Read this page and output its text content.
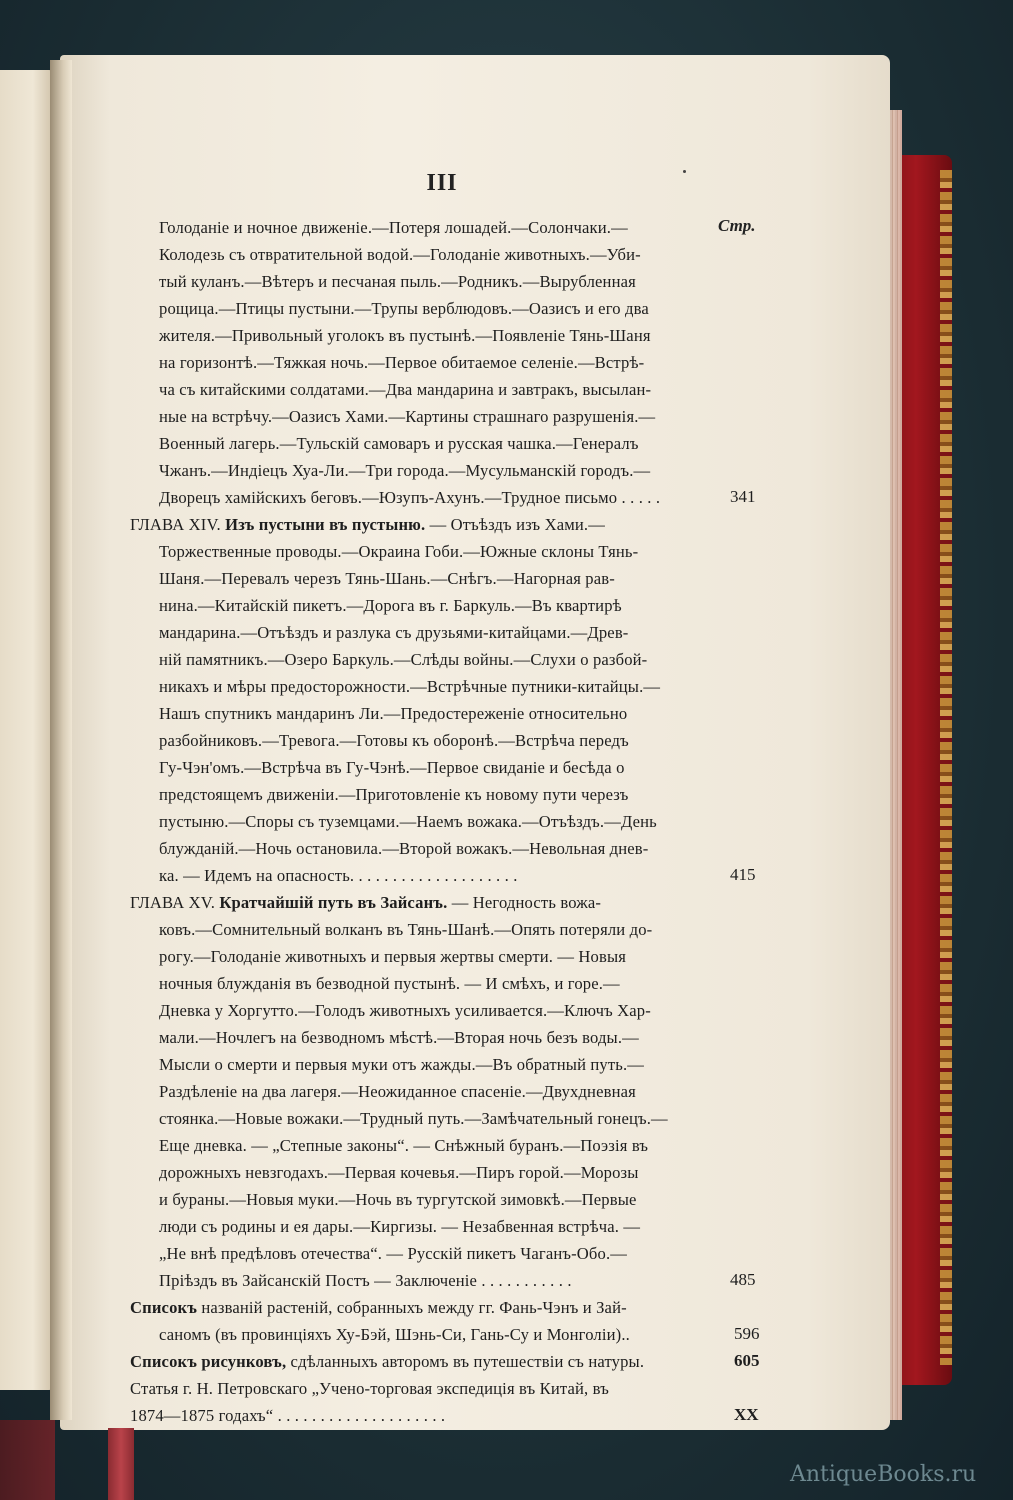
III
Стр.
Голоданіе и ночное движеніе.—Потеря лошадей.—Солончаки.—
Колодезь съ отвратительной водой.—Голоданіе животныхъ.—Уби-
тый куланъ.—Вѣтеръ и песчаная пыль.—Родникъ.—Вырубленная
рощица.—Птицы пустыни.—Трупы верблюдовъ.—Оазисъ и его два
жителя.—Привольный уголокъ въ пустынѣ.—Появленіе Тянь-Шаня
на горизонтѣ.—Тяжкая ночь.—Первое обитаемое селеніе.—Встрѣ-
ча съ китайскими солдатами.—Два мандарина и завтракъ, высылан-
ные на встрѣчу.—Оазисъ Хами.—Картины страшнаго разрушенія.—
Военный лагерь.—Тульскій самоваръ и русская чашка.—Генералъ
Чжанъ.—Индіецъ Хуа-Ли.—Три города.—Мусульманскій городъ.—
Дворецъ хамійскихъ беговъ.—Юзупъ-Ахунъ.—Трудное письмо . . . . .	341
ГЛАВА XIV. Изъ пустыни въ пустыню. — Отъѣздъ изъ Хами.—
Торжественные проводы.—Окраина Гоби.—Южные склоны Тянь-
Шаня.—Перевалъ черезъ Тянь-Шань.—Снѣгъ.—Нагорная рав-
нина.—Китайскій пикетъ.—Дорога въ г. Баркуль.—Въ квартирѣ
мандарина.—Отъѣздъ и разлука съ друзьями-китайцами.—Древ-
ній памятникъ.—Озеро Баркуль.—Слѣды войны.—Слухи о разбой-
никахъ и мѣры предосторожности.—Встрѣчные путники-китайцы.—
Нашъ спутникъ мандаринъ Ли.—Предостереженіе относительно
разбойниковъ.—Тревога.—Готовы къ оборонѣ.—Встрѣча передъ
Гу-Чэн'омъ.—Встрѣча въ Гу-Чэнѣ.—Первое свиданіе и бесѣда о
предстоящемъ движеніи.—Приготовленіе къ новому пути черезъ
пустыню.—Споры съ туземцами.—Наемъ вожака.—Отъѣздъ.—День
блужданій.—Ночь остановила.—Второй вожакъ.—Невольная днев-
ка. — Идемъ на опасность. . . . . . . . . . . . . . . . . . . .	415
ГЛАВА XV. Кратчайшій путь въ Зайсанъ. — Негодность вожа-
ковъ.—Сомнительный волканъ въ Тянь-Шанѣ.—Опять потеряли до-
рогу.—Голоданіе животныхъ и первыя жертвы смерти. — Новыя
ночныя блужданія въ безводной пустынѣ. — И смѣхъ, и горе.—
Дневка у Хоргутто.—Голодъ животныхъ усиливается.—Ключъ Хар-
мали.—Ночлегъ на безводномъ мѣстѣ.—Вторая ночь безъ воды.—
Мысли о смерти и первыя муки отъ жажды.—Въ обратный путь.—
Раздѣленіе на два лагеря.—Неожиданное спасеніе.—Двухдневная
стоянка.—Новые вожаки.—Трудный путь.—Замѣчательный гонецъ.—
Еще дневка. — „Степные законы“. — Снѣжный буранъ.—Поэзія въ
дорожныхъ невзгодахъ.—Первая кочевья.—Пиръ горой.—Морозы
и бураны.—Новыя муки.—Ночь въ тургутской зимовкѣ.—Первые
люди съ родины и ея дары.—Киргизы. — Незабвенная встрѣча. —
„Не внѣ предѣловъ отечества“. — Русскій пикетъ Чаганъ-Обо.—
Пріѣздъ въ Зайсанскій Постъ — Заключеніе . . . . . . . . . . .	485
Списокъ названій растеній, собранныхъ между гг. Фань-Чэнъ и Зай-
саномъ (въ провинціяхъ Ху-Бэй, Шэнь-Си, Гань-Су и Монголіи)..	596
Списокъ рисунковъ, сдѣланныхъ авторомъ въ путешествіи съ натуры.	605
Статья г. Н. Петровскаго „Учено-торговая экспедиція въ Китай, въ
1874—1875 годахъ“ . . . . . . . . . . . . . . . . . . . .	XX
AntiqueBooks.ru
